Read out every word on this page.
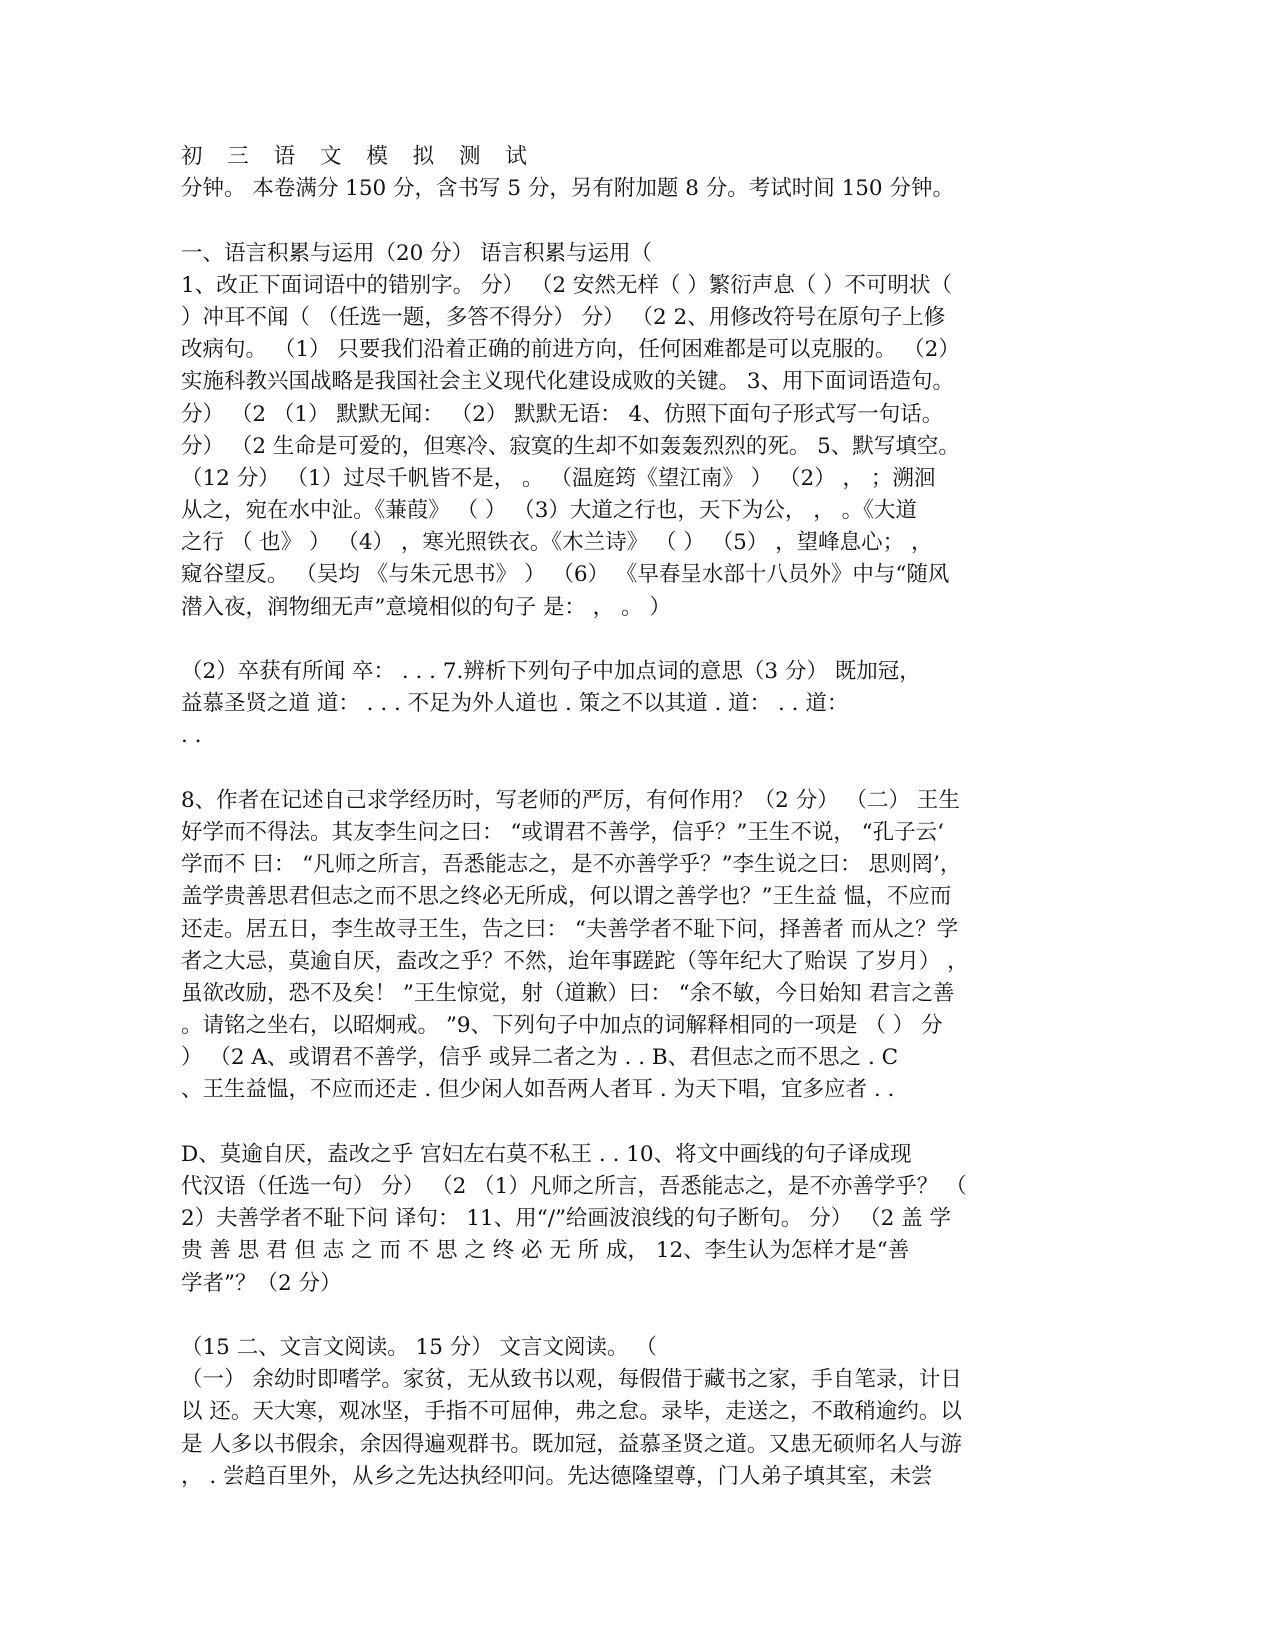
初 三 语 文 模 拟 测 试
分钟。 本卷满分 150 分，含书写 5 分，另有附加题 8 分。考试时间 150 分钟。
一、语言积累与运用（20 分） 语言积累与运用（
1、改正下面词语中的错别字。 分） （2 安然无样（ ）繁衍声息（ ）不可明状（
）冲耳不闻（ （任选一题，多答不得分） 分） （2 2、用修改符号在原句子上修
改病句。 （1） 只要我们沿着正确的前进方向，任何困难都是可以克服的。 （2）
实施科教兴国战略是我国社会主义现代化建设成败的关键。 3、用下面词语造句。
分） （2 （1） 默默无闻： （2） 默默无语： 4、仿照下面句子形式写一句话。
分） （2 生命是可爱的，但寒冷、寂寞的生却不如轰轰烈烈的死。 5、默写填空。
（12 分） （1）过尽千帆皆不是， 。 （温庭筠《望江南》 ） （2） ， ；溯洄
从之，宛在水中沚。《蒹葭》 （ ） （3）大道之行也，天下为公， ， 。《大道
之行 （ 也》 ） （4） ，寒光照铁衣。《木兰诗》 （ ） （5） ，望峰息心； ，
窥谷望反。 （吴均 《与朱元思书》 ） （6） 《早春呈水部十八员外》中与“随风
潜入夜，润物细无声”意境相似的句子 是： ， 。 ）
（2）卒获有所闻 卒： . . . 7.辨析下列句子中加点词的意思（3 分） 既加冠，
益慕圣贤之道 道： . . . 不足为外人道也 . 策之不以其道 . 道： . . 道：
. .
8、作者在记述自己求学经历时，写老师的严厉，有何作用？（2 分） （二） 王生
好学而不得法。其友李生问之曰： “或谓君不善学，信乎？”王生不说， “孔子云‘
学而不 曰： “凡师之所言，吾悉能志之，是不亦善学乎？”李生说之曰： 思则罔’，
盖学贵善思君但志之而不思之终必无所成，何以谓之善学也？”王生益 愠，不应而
还走。居五日，李生故寻王生，告之曰： “夫善学者不耻下问，择善者 而从之？学
者之大忌，莫逾自厌，盍改之乎？不然，迨年事蹉跎（等年纪大了贻误 了岁月） ，
虽欲改励，恐不及矣！ ”王生惊觉，射（道歉）曰： “余不敏，今日始知 君言之善
。请铭之坐右，以昭炯戒。 ”9、下列句子中加点的词解释相同的一项是 （ ） 分
） （2 A、或谓君不善学，信乎 或异二者之为 . . B、君但志之而不思之 . C
、王生益愠，不应而还走 . 但少闲人如吾两人者耳 . 为天下唱，宜多应者 . .
D、莫逾自厌，盍改之乎 宫妇左右莫不私王 . . 10、将文中画线的句子译成现
代汉语（任选一句） 分） （2 （1）凡师之所言，吾悉能志之，是不亦善学乎？ （
2）夫善学者不耻下问 译句： 11、用“/”给画波浪线的句子断句。 分） （2 盖 学
贵 善 思 君 但 志 之 而 不 思 之 终 必 无 所 成， 12、李生认为怎样才是“善
学者”？（2 分）
（15 二、文言文阅读。 15 分） 文言文阅读。 （
（一） 余幼时即嗜学。家贫，无从致书以观，每假借于藏书之家，手自笔录，计日
以 还。天大寒，观冰坚，手指不可屈伸，弗之怠。录毕，走送之，不敢稍逾约。以
是 人多以书假余，余因得遍观群书。既加冠，益慕圣贤之道。又患无硕师名人与游
， . 尝趋百里外，从乡之先达执经叩问。先达德隆望尊，门人弟子填其室，未尝
